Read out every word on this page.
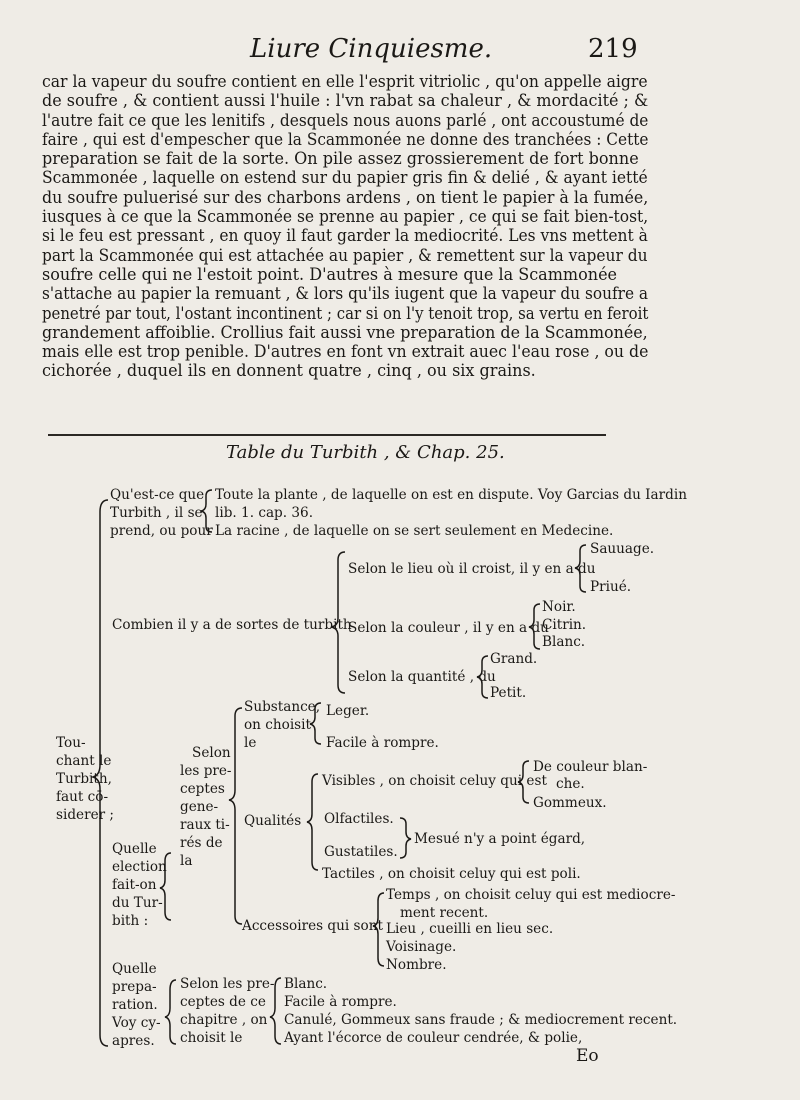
Liure Cinquiesme.	219
car la vapeur du soufre contient en elle l'esprit vitriolic , qu'on appelle aigre
de soufre , & contient aussi l'huile : l'vn rabat sa chaleur , & mordacité ; &
l'autre fait ce que les lenitifs , desquels nous auons parlé , ont accoustumé de
faire , qui est d'empescher que la Scammonée ne donne des tranchées : Cette
preparation se fait de la sorte. On pile assez grossierement de fort bonne
Scammonée , laquelle on estend sur du papier gris fin & delié , & ayant ietté
du soufre puluerisé sur des charbons ardens , on tient le papier à la fumée,
iusques à ce que la Scammonée se prenne au papier , ce qui se fait bien-tost,
si le feu est pressant , en quoy il faut garder la mediocrité. Les vns mettent à
part la Scammonée qui est attachée au papier , & remettent sur la vapeur du
soufre celle qui ne l'estoit point. D'autres à mesure que la Scammonée
s'attache au papier la remuant , & lors qu'ils iugent que la vapeur du soufre a
penetré par tout, l'ostant incontinent ; car si on l'y tenoit trop, sa vertu en feroit
grandement affoiblie. Crollius fait aussi vne preparation de la Scammonée,
mais elle est trop penible. D'autres en font vn extrait auec l'eau rose , ou de
cichorée , duquel ils en donnent quatre , cinq , ou six grains.
Table du Turbith , & Chap. 25.
Tou-
chant le
Turbith,
faut cō-
siderer ;
Qu'est-ce que
Turbith , il se
prend, ou pour
Toute la plante , de laquelle on est en dispute. Voy Garcias du Iardin
lib. 1. cap. 36.
La racine , de laquelle on se sert seulement en Medecine.
Combien il y a de sortes de turbith
Selon le lieu où il croist, il y en a du
Sauuage.
Priué.
Selon la couleur , il y en a du
Noir.
Citrin.
Blanc.
Selon la quantité , du
Grand.
Petit.
Quelle
election
fait-on
du Tur-
bith :
Selon
les pre-
ceptes
gene-
raux ti-
rés de
la
Substance,
on choisit
le
Leger.
Facile à rompre.
Qualités
Visibles , on choisit celuy qui est
De couleur blan-
che.
Gommeux.
Olfactiles.
Gustatiles.
Mesué n'y a point égard,
Tactiles , on choisit celuy qui est poli.
Accessoires qui sont
Temps , on choisit celuy qui est mediocre-
ment recent.
Lieu , cueilli en lieu sec.
Voisinage.
Nombre.
Quelle
prepa-
ration.
Voy cy-
apres.
Selon les pre-
ceptes de ce
chapitre , on
choisit le
Blanc.
Facile à rompre.
Canulé, Gommeux sans fraude ; & mediocrement recent.
Ayant l'écorce de couleur cendrée, & polie,
Eo
